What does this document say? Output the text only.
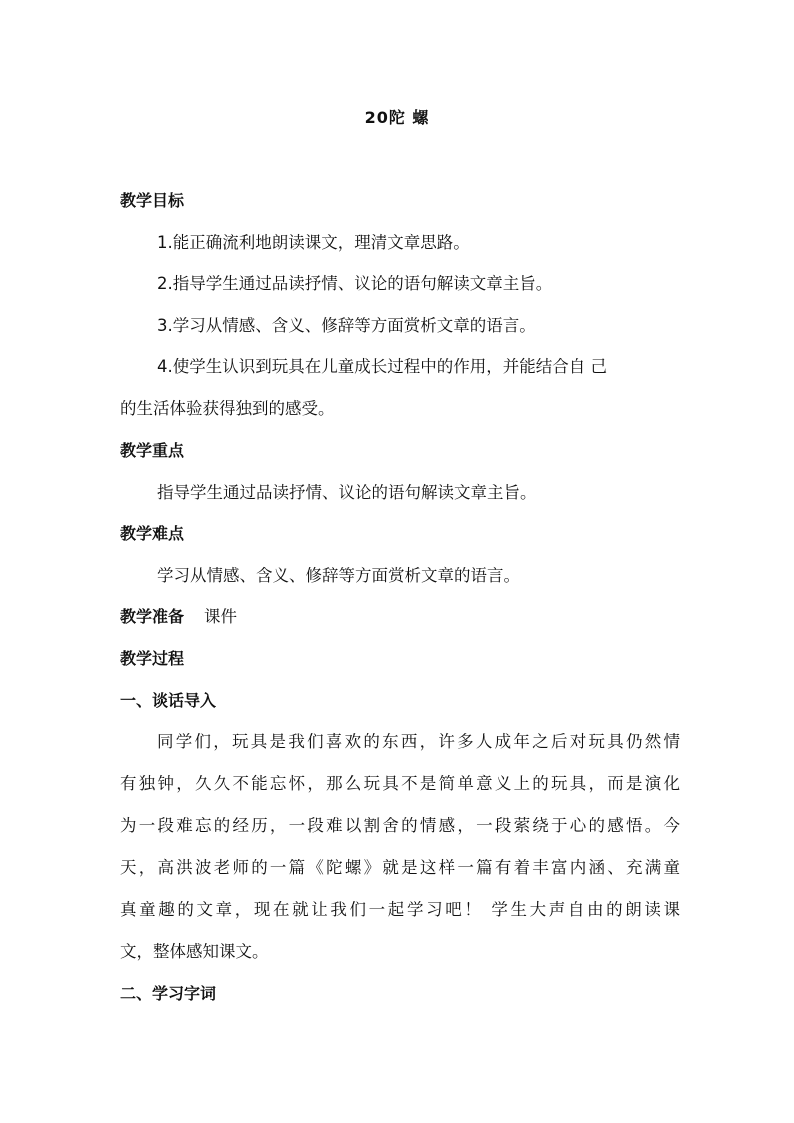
20陀 螺
教学目标
1.能正确流利地朗读课文，理清文章思路。
2.指导学生通过品读抒情、议论的语句解读文章主旨。
3.学习从情感、含义、修辞等方面赏析文章的语言。
4.使学生认识到玩具在儿童成长过程中的作用，并能结合自 己
的生活体验获得独到的感受。
教学重点
指导学生通过品读抒情、议论的语句解读文章主旨。
教学难点
学习从情感、含义、修辞等方面赏析文章的语言。
教学准备 课件
教学过程
一、谈话导入
同学们，玩具是我们喜欢的东西，许多人成年之后对玩具仍然情
有独钟，久久不能忘怀，那么玩具不是简单意义上的玩具，而是演化
为一段难忘的经历，一段难以割舍的情感，一段萦绕于心的感悟。今
天，高洪波老师的一篇《陀螺》就是这样一篇有着丰富内涵、充满童
真童趣的文章，现在就让我们一起学习吧！ 学生大声自由的朗读课
文，整体感知课文。
二、学习字词
